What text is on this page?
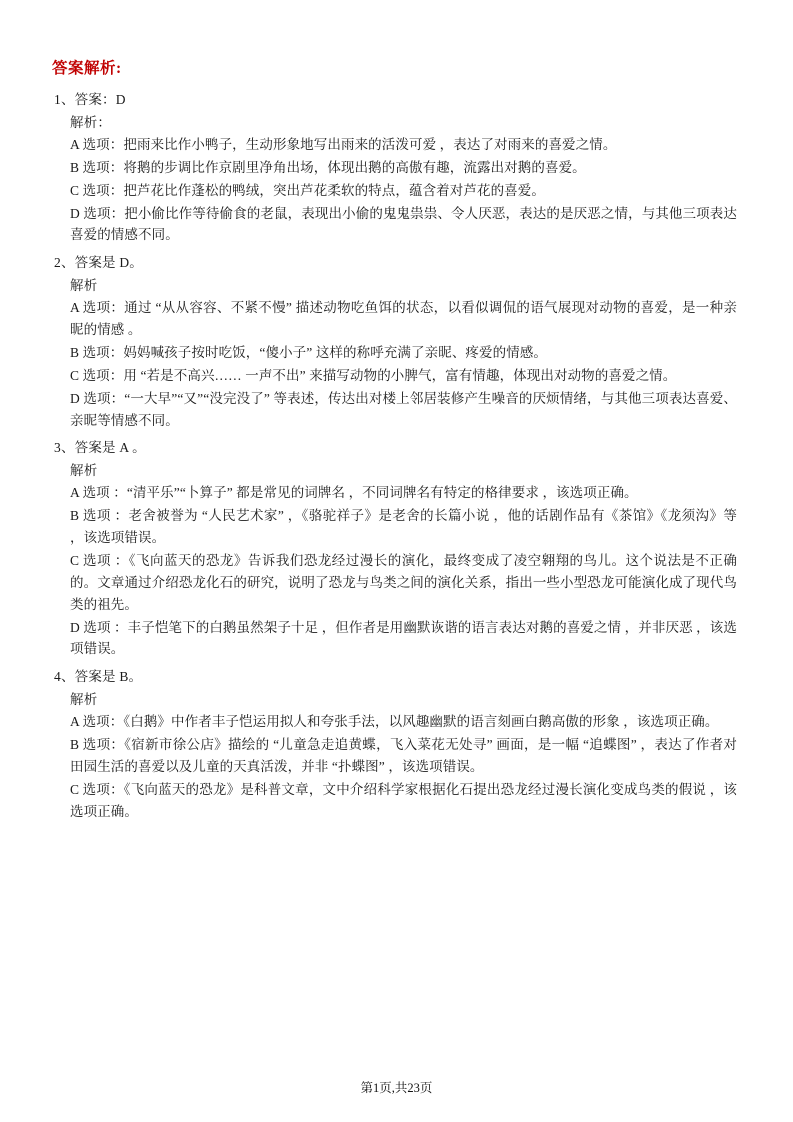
答案解析:
1、答案：D
解析：
A 选项：把雨来比作小鸭子，生动形象地写出雨来的活泼可爱 ，表达了对雨来的喜爱之情。
B 选项：将鹅的步调比作京剧里净角出场，体现出鹅的高傲有趣，流露出对鹅的喜爱。
C 选项：把芦花比作蓬松的鸭绒，突出芦花柔软的特点，蕴含着对芦花的喜爱。
D 选项：把小偷比作等待偷食的老鼠，表现出小偷的鬼鬼祟祟、令人厌恶，表达的是厌恶之情，与其他三项表达喜爱的情感不同。
2、答案是 D。
解析
A 选项：通过 “从从容容、不紧不慢” 描述动物吃鱼饵的状态，以看似调侃的语气展现对动物的喜爱，是一种亲昵的情感 。
B 选项：妈妈喊孩子按时吃饭，“傻小子” 这样的称呼充满了亲昵、疼爱的情感。
C 选项：用 “若是不高兴…… 一声不出” 来描写动物的小脾气，富有情趣，体现出对动物的喜爱之情。
D 选项：“一大早”“又”“没完没了” 等表述，传达出对楼上邻居装修产生噪音的厌烦情绪，与其他三项表达喜爱、亲昵等情感不同。
3、答案是 A 。
解析
A 选项 ：“清平乐”“卜算子” 都是常见的词牌名 ，不同词牌名有特定的格律要求 ，该选项正确。
B 选项 ：老舍被誉为 “人民艺术家” ，《骆驼祥子》是老舍的长篇小说 ，他的话剧作品有《茶馆》《龙须沟》等 ，该选项错误。
C 选项 ：《飞向蓝天的恐龙》告诉我们恐龙经过漫长的演化，最终变成了凌空翱翔的鸟儿。这个说法是不正确的。文章通过介绍恐龙化石的研究，说明了恐龙与鸟类之间的演化关系，指出一些小型恐龙可能演化成了现代鸟类的祖先。
D 选项 ：丰子恺笔下的白鹅虽然架子十足 ，但作者是用幽默诙谐的语言表达对鹅的喜爱之情 ，并非厌恶 ，该选项错误。
4、答案是 B。
解析
A 选项：《白鹅》中作者丰子恺运用拟人和夸张手法，以风趣幽默的语言刻画白鹅高傲的形象 ，该选项正确。
B 选项：《宿新市徐公店》描绘的 “儿童急走追黄蝶，飞入菜花无处寻” 画面，是一幅 “追蝶图” ，表达了作者对田园生活的喜爱以及儿童的天真活泼，并非 “扑蝶图” ，该选项错误。
C 选项：《飞向蓝天的恐龙》是科普文章，文中介绍科学家根据化石提出恐龙经过漫长演化变成鸟类的假说 ，该选项正确。
第1页,共23页
